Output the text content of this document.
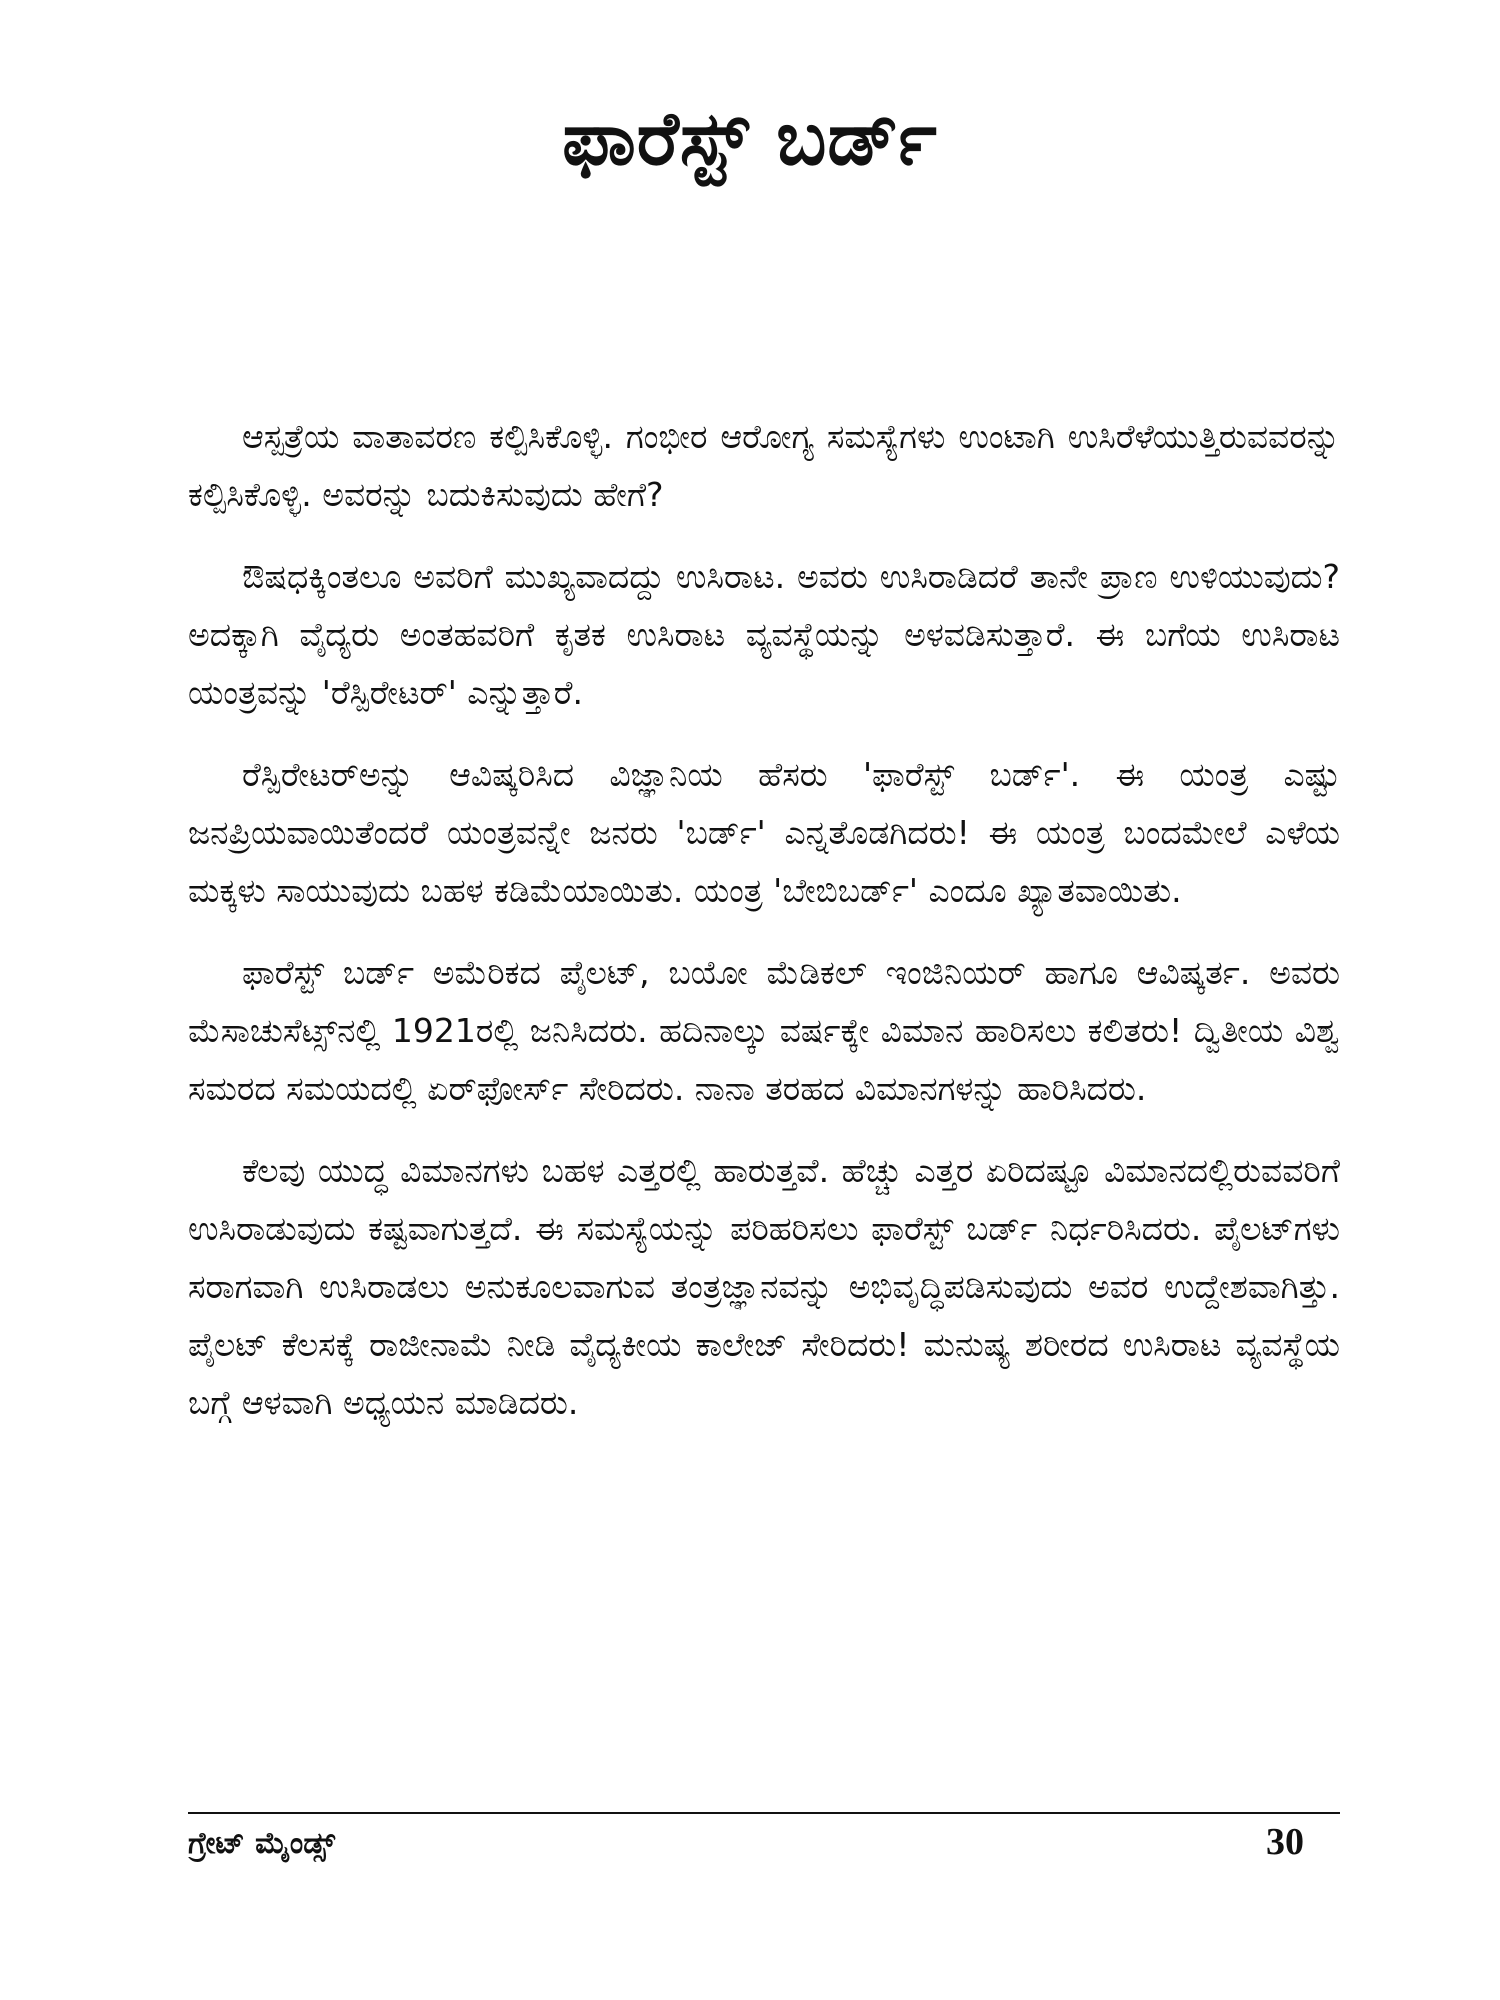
ಫಾರೆಸ್ಟ್ ಬರ್ಡ್

ಆಸ್ಪತ್ರೆಯ ವಾತಾವರಣ ಕಲ್ಪಿಸಿಕೊಳ್ಳಿ. ಗಂಭೀರ ಆರೋಗ್ಯ ಸಮಸ್ಯೆಗಳು ಉಂಟಾಗಿ ಉಸಿರೆಳೆಯುತ್ತಿರುವವರನ್ನು ಕಲ್ಪಿಸಿಕೊಳ್ಳಿ. ಅವರನ್ನು ಬದುಕಿಸುವುದು ಹೇಗೆ?

ಔಷಧಕ್ಕಿಂತಲೂ ಅವರಿಗೆ ಮುಖ್ಯವಾದದ್ದು ಉಸಿರಾಟ. ಅವರು ಉಸಿರಾಡಿದರೆ ತಾನೇ ಪ್ರಾಣ ಉಳಿಯುವುದು? ಅದಕ್ಕಾಗಿ ವೈದ್ಯರು ಅಂತಹವರಿಗೆ ಕೃತಕ ಉಸಿರಾಟ ವ್ಯವಸ್ಥೆಯನ್ನು ಅಳವಡಿಸುತ್ತಾರೆ. ಈ ಬಗೆಯ ಉಸಿರಾಟ ಯಂತ್ರವನ್ನು 'ರೆಸ್ಪಿರೇಟರ್' ಎನ್ನುತ್ತಾರೆ.

ರೆಸ್ಪಿರೇಟರ್‌ಅನ್ನು ಆವಿಷ್ಕರಿಸಿದ ವಿಜ್ಞಾನಿಯ ಹೆಸರು 'ಫಾರೆಸ್ಟ್ ಬರ್ಡ್'. ಈ ಯಂತ್ರ ಎಷ್ಟು ಜನಪ್ರಿಯವಾಯಿತೆಂದರೆ ಯಂತ್ರವನ್ನೇ ಜನರು 'ಬರ್ಡ್' ಎನ್ನತೊಡಗಿದರು! ಈ ಯಂತ್ರ ಬಂದಮೇಲೆ ಎಳೆಯ ಮಕ್ಕಳು ಸಾಯುವುದು ಬಹಳ ಕಡಿಮೆಯಾಯಿತು. ಯಂತ್ರ 'ಬೇಬಿಬರ್ಡ್' ಎಂದೂ ಖ್ಯಾತವಾಯಿತು.

ಫಾರೆಸ್ಟ್ ಬರ್ಡ್ ಅಮೆರಿಕದ ಪೈಲಟ್, ಬಯೋ ಮೆಡಿಕಲ್ ಇಂಜಿನಿಯರ್ ಹಾಗೂ ಆವಿಷ್ಕರ್ತ. ಅವರು ಮೆಸಾಚುಸೆಟ್ಸ್‌ನಲ್ಲಿ 1921ರಲ್ಲಿ ಜನಿಸಿದರು. ಹದಿನಾಲ್ಕು ವರ್ಷಕ್ಕೇ ವಿಮಾನ ಹಾರಿಸಲು ಕಲಿತರು! ದ್ವಿತೀಯ ವಿಶ್ವ ಸಮರದ ಸಮಯದಲ್ಲಿ ಏರ್‌ಫೋರ್ಸ್ ಸೇರಿದರು. ನಾನಾ ತರಹದ ವಿಮಾನಗಳನ್ನು ಹಾರಿಸಿದರು.

ಕೆಲವು ಯುದ್ಧ ವಿಮಾನಗಳು ಬಹಳ ಎತ್ತರಲ್ಲಿ ಹಾರುತ್ತವೆ. ಹೆಚ್ಚು ಎತ್ತರ ಏರಿದಷ್ಟೂ ವಿಮಾನದಲ್ಲಿರುವವರಿಗೆ ಉಸಿರಾಡುವುದು ಕಷ್ಟವಾಗುತ್ತದೆ. ಈ ಸಮಸ್ಯೆಯನ್ನು ಪರಿಹರಿಸಲು ಫಾರೆಸ್ಟ್ ಬರ್ಡ್ ನಿರ್ಧರಿಸಿದರು. ಪೈಲಟ್‌ಗಳು ಸರಾಗವಾಗಿ ಉಸಿರಾಡಲು ಅನುಕೂಲವಾಗುವ ತಂತ್ರಜ್ಞಾನವನ್ನು ಅಭಿವೃದ್ಧಿಪಡಿಸುವುದು ಅವರ ಉದ್ದೇಶವಾಗಿತ್ತು. ಪೈಲಟ್ ಕೆಲಸಕ್ಕೆ ರಾಜೀನಾಮೆ ನೀಡಿ ವೈದ್ಯಕೀಯ ಕಾಲೇಜ್ ಸೇರಿದರು! ಮನುಷ್ಯ ಶರೀರದ ಉಸಿರಾಟ ವ್ಯವಸ್ಥೆಯ ಬಗ್ಗೆ ಆಳವಾಗಿ ಅಧ್ಯಯನ ಮಾಡಿದರು.

ಗ್ರೇಟ್ ಮೈಂಡ್ಸ್	30
